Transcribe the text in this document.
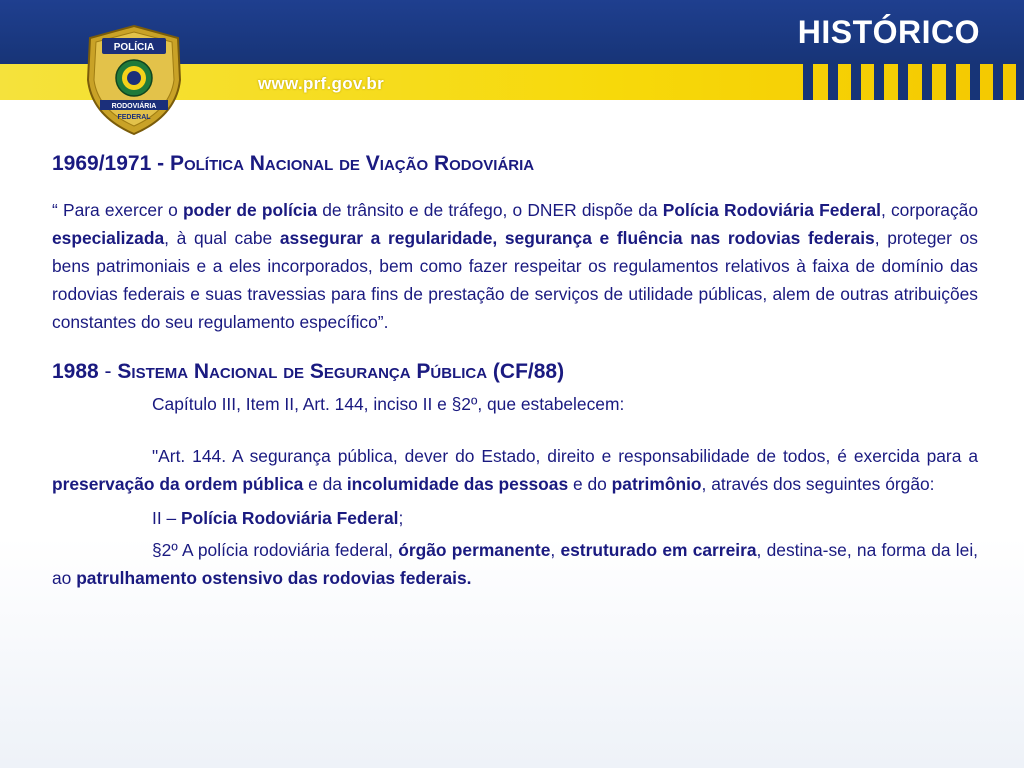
www.prf.gov.br
HISTÓRICO
POLÍCIA
RODOVIÁRIA
FEDERAL

1969/1971 - Política Nacional de Viação Rodoviária

“ Para exercer o poder de polícia de trânsito e de tráfego, o DNER dispõe da Polícia Rodoviária Federal, corporação especializada, à qual cabe assegurar a regularidade, segurança e fluência nas rodovias federais, proteger os bens patrimoniais e a eles incorporados, bem como fazer respeitar os regulamentos relativos à faixa de domínio das rodovias federais e suas travessias para fins de prestação de serviços de utilidade públicas, alem de outras atribuições constantes do seu regulamento específico”.

1988 - Sistema Nacional de Segurança Pública (CF/88)

Capítulo III, Item II, Art. 144, inciso II e §2º, que estabelecem:

"Art. 144. A segurança pública, dever do Estado, direito e responsabilidade de todos, é exercida para a preservação da ordem pública e da incolumidade das pessoas e do patrimônio, através dos seguintes órgão:

II – Polícia Rodoviária Federal;

§2º A polícia rodoviária federal, órgão permanente, estruturado em carreira, destina-se, na forma da lei, ao patrulhamento ostensivo das rodovias federais.
